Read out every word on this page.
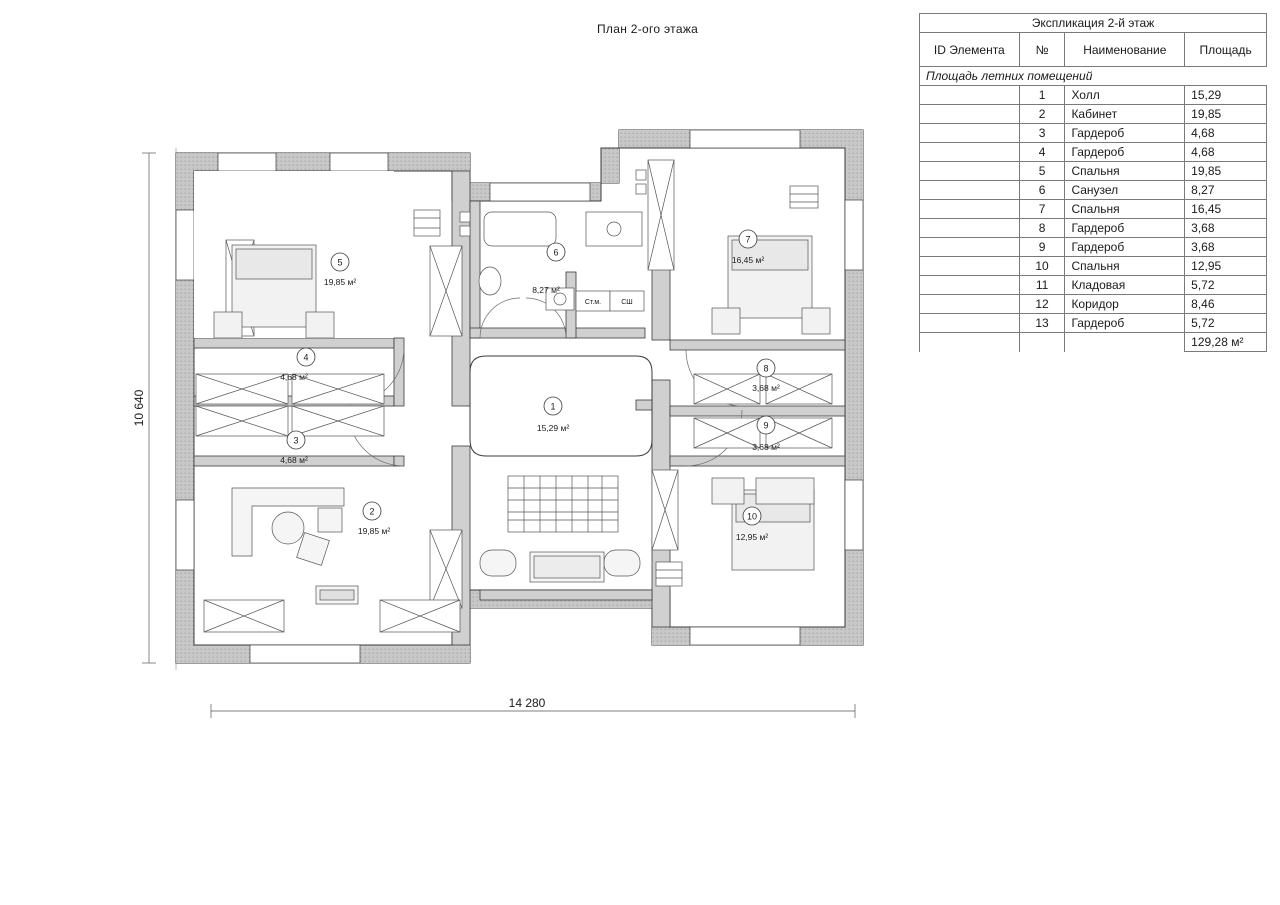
План 2-ого этажа	Экспликация 2-й этаж			
ID Элемента	№	Наименование	Площадь
Площадь летних помещений			
	1	Холл	15,29
	2	Кабинет	19,85
	3	Гардероб	4,68
	4	Гардероб	4,68
	5	Спальня	19,85
	6	Санузел	8,27
	7	Спальня	16,45
	8	Гардероб	3,68
	9	Гардероб	3,68
	10	Спальня	12,95
	11	Кладовая	5,72
	12	Коридор	8,46
	13	Гардероб	5,72
			129,28 м²
10 640
14 280
Ст.м.	СШ
1
15,29 м²
2
19,85 м²
3
4,68 м²
4
4,68 м²
5
19,85 м²
6
8,27 м²
7
16,45 м²
8
3,68 м²
9
3,68 м²
10
12,95 м²
